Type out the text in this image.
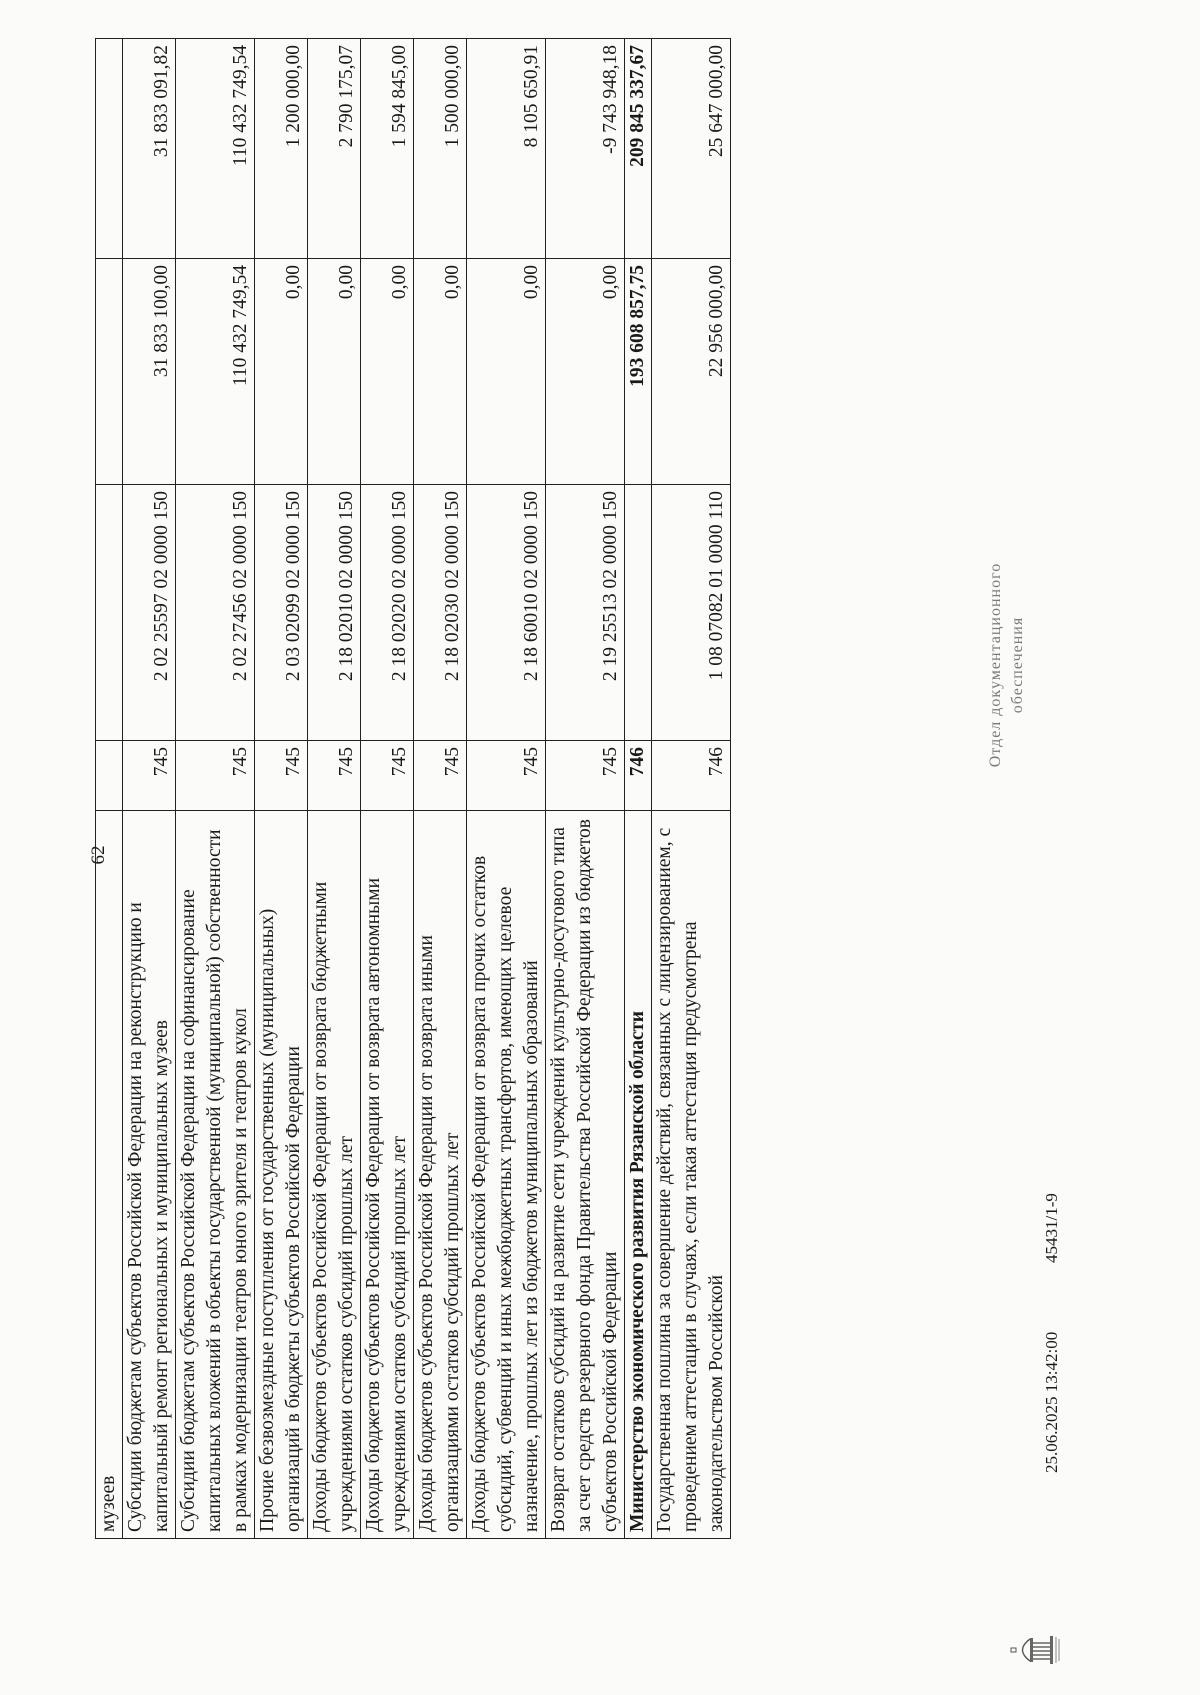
62
музеев				
Субсидии бюджетам субъектов Российской Федерации на реконструкцию и капитальный ремонт региональных и муниципальных музеев	745	2 02 25597 02 0000 150	31 833 100,00	31 833 091,82
Субсидии бюджетам субъектов Российской Федерации на софинансирование капитальных вложений в объекты государственной (муниципальной) собственности в рамках модернизации театров юного зрителя и театров кукол	745	2 02 27456 02 0000 150	110 432 749,54	110 432 749,54
Прочие безвозмездные поступления от государственных (муниципальных) организаций в бюджеты субъектов Российской Федерации	745	2 03 02099 02 0000 150	0,00	1 200 000,00
Доходы бюджетов субъектов Российской Федерации от возврата бюджетными учреждениями остатков субсидий прошлых лет	745	2 18 02010 02 0000 150	0,00	2 790 175,07
Доходы бюджетов субъектов Российской Федерации от возврата автономными учреждениями остатков субсидий прошлых лет	745	2 18 02020 02 0000 150	0,00	1 594 845,00
Доходы бюджетов субъектов Российской Федерации от возврата иными организациями остатков субсидий прошлых лет	745	2 18 02030 02 0000 150	0,00	1 500 000,00
Доходы бюджетов субъектов Российской Федерации от возврата прочих остатков субсидий, субвенций и иных межбюджетных трансфертов, имеющих целевое назначение, прошлых лет из бюджетов муниципальных образований	745	2 18 60010 02 0000 150	0,00	8 105 650,91
Возврат остатков субсидий на развитие сети учреждений культурно-досугового типа за счет средств резервного фонда Правительства Российской Федерации из бюджетов субъектов Российской Федерации	745	2 19 25513 02 0000 150	0,00	-9 743 948,18
Министерство экономического развития Рязанской области	746		193 608 857,75	209 845 337,67
Государственная пошлина за совершение действий, связанных с лицензированием, с проведением аттестации в случаях, если такая аттестация предусмотрена законодательством Российской	746	1 08 07082 01 0000 110	22 956 000,00	25 647 000,00
25.06.2025 13:42:00
45431/1-9
Отдел документационного обеспечения
